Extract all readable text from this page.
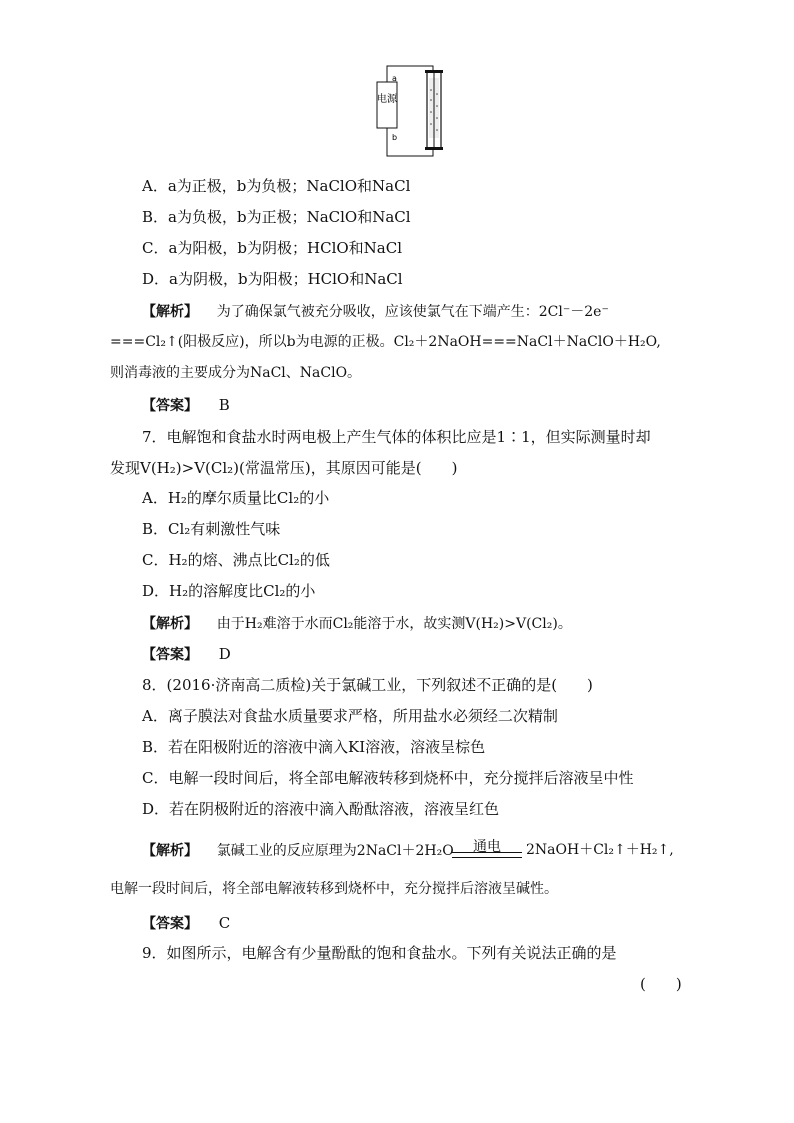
电源
a
b
A．a为正极，b为负极；NaClO和NaCl
B．a为负极，b为正极；NaClO和NaCl
C．a为阳极，b为阴极；HClO和NaCl
D．a为阴极，b为阳极；HClO和NaCl
【解析】 为了确保氯气被充分吸收，应该使氯气在下端产生：2Cl⁻－2e⁻
===Cl₂↑(阳极反应)，所以b为电源的正极。Cl₂＋2NaOH===NaCl＋NaClO＋H₂O,
则消毒液的主要成分为NaCl、NaClO。
【答案】 B
7．电解饱和食盐水时两电极上产生气体的体积比应是1∶1，但实际测量时却
发现V(H₂)>V(Cl₂)(常温常压)，其原因可能是(　　)
A．H₂的摩尔质量比Cl₂的小
B．Cl₂有刺激性气味
C．H₂的熔、沸点比Cl₂的低
D．H₂的溶解度比Cl₂的小
【解析】 由于H₂难溶于水而Cl₂能溶于水，故实测V(H₂)>V(Cl₂)。
【答案】 D
8．(2016·济南高二质检)关于氯碱工业，下列叙述不正确的是(　　)
A．离子膜法对食盐水质量要求严格，所用盐水必须经二次精制
B．若在阳极附近的溶液中滴入KI溶液，溶液呈棕色
C．电解一段时间后，将全部电解液转移到烧杯中，充分搅拌后溶液呈中性
D．若在阴极附近的溶液中滴入酚酞溶液，溶液呈红色
【解析】 氯碱工业的反应原理为2NaCl＋2H₂O	通电	2NaOH＋Cl₂↑＋H₂↑,
电解一段时间后，将全部电解液转移到烧杯中，充分搅拌后溶液呈碱性。
【答案】 C
9．如图所示，电解含有少量酚酞的饱和食盐水。下列有关说法正确的是
(　　)
